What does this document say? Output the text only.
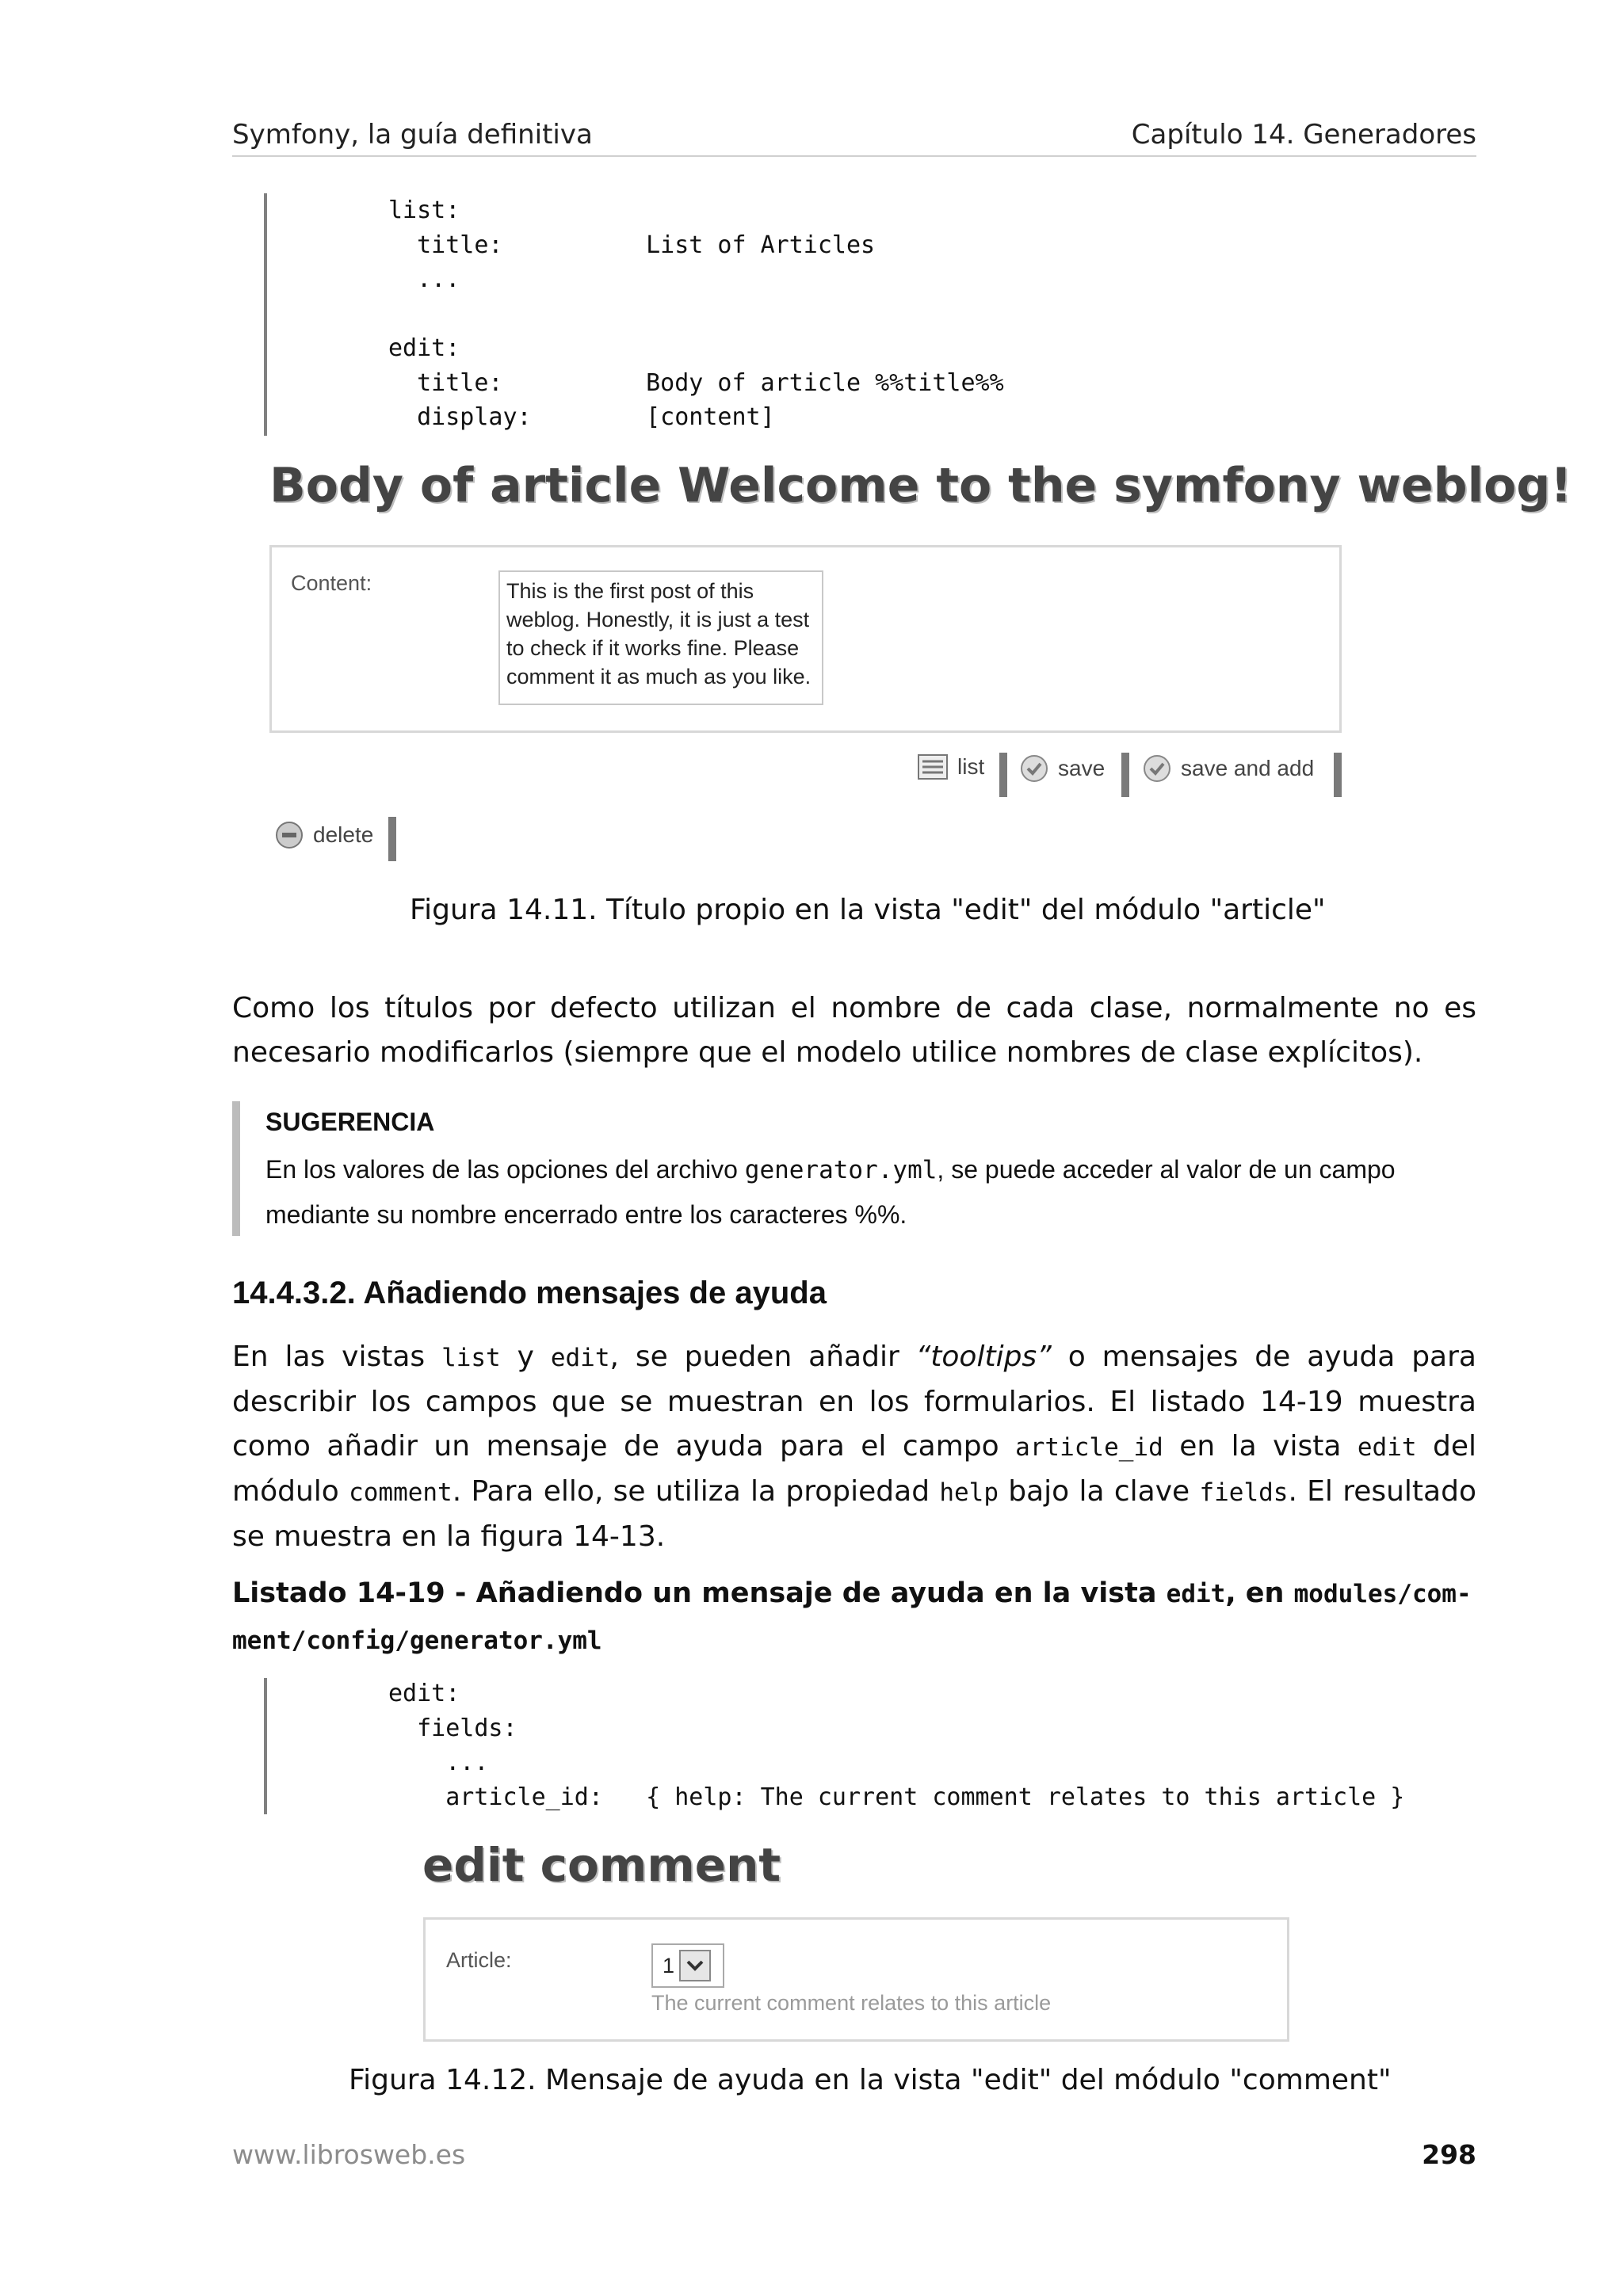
Symfony, la guía definitiva	Capítulo 14. Generadores
list:
title:          List of Articles
...

edit:
title:          Body of article %%title%%
display:        [content]
Body of article Welcome to the symfony weblog!
Content:	This is the first post of this weblog. Honestly, it is just a test to check if it works fine. Please comment it as much as you like.
list	save	save and add
delete
Figura 14.11. Título propio en la vista "edit" del módulo "article"

Como los títulos por defecto utilizan el nombre de cada clase, normalmente no es necesario modificarlos (siempre que el modelo utilice nombres de clase explícitos).

SUGERENCIA
En los valores de las opciones del archivo generator.yml, se puede acceder al valor de un campo mediante su nombre encerrado entre los caracteres %%.
14.4.3.2. Añadiendo mensajes de ayuda

En las vistas list y edit, se pueden añadir “tooltips” o mensajes de ayuda para describir los campos que se muestran en los formularios. El listado 14-19 muestra como añadir un mensaje de ayuda para el campo article_id en la vista edit del módulo comment. Para ello, se utiliza la propiedad help bajo la clave fields. El resultado se muestra en la figura 14-13.

Listado 14-19 - Añadiendo un mensaje de ayuda en la vista edit, en modules/com-
ment/config/generator.yml
edit:
fields:
...
article_id:   { help: The current comment relates to this article }
edit comment
Article:	1
The current comment relates to this article
Figura 14.12. Mensaje de ayuda en la vista "edit" del módulo "comment"
www.librosweb.es	298
